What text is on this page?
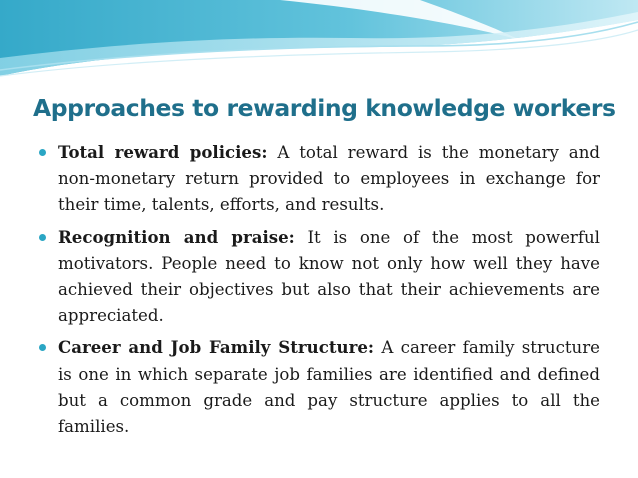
Approaches to rewarding knowledge workers
Total reward policies: A total reward is the monetary and non-monetary return provided to employees in exchange for their time, talents, efforts, and results.
Recognition and praise: It is one of the most powerful motivators. People need to know not only how well they have achieved their objectives but also that their achievements are appreciated.
Career and Job Family Structure: A career family structure is one in which separate job families are identified and defined but a common grade and pay structure applies to all the families.
